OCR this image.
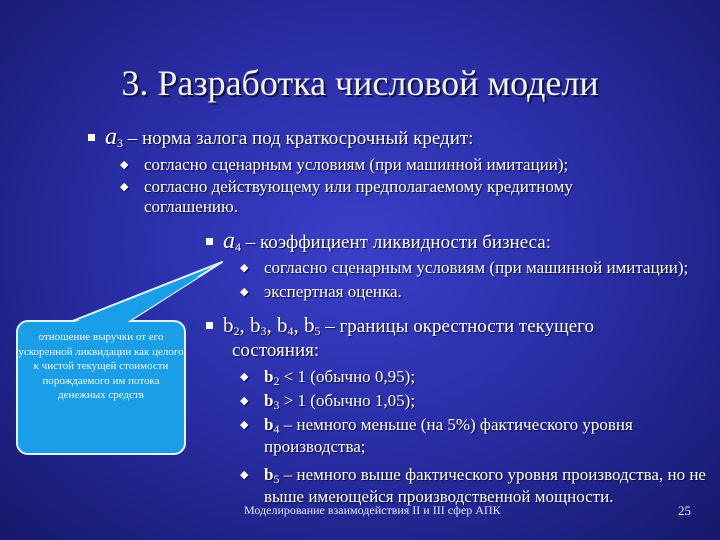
3. Разработка числовой модели
$a_3$ – норма залога под краткосрочный кредит:
◆ согласно сценарным условиям (при машинной имитации);
◆ согласно действующему или предполагаемому кредитному соглашению.
$a_4$ – коэффициент ликвидности бизнеса:
◆ согласно сценарным условиям (при машинной имитации);
◆ экспертная оценка.
$b_2$, $b_3$, $b_4$, $b_5$ – границы окрестности текущего
состояния:
◆ $b_2 < 1$ (обычно 0,95);
◆ $b_3 > 1$ (обычно 1,05);
◆ $b_4$ – немного меньше (на 5%) фактического уровня производства;
◆ $b_5$ – немного выше фактического уровня производства, но не выше имеющейся производственной мощности.
отношение выручки от его ускоренной ликвидации как целого к чистой текущей стоимости порождаемого им потока денежных средств
Моделирование взаимодействия II и III сфер АПК	25
